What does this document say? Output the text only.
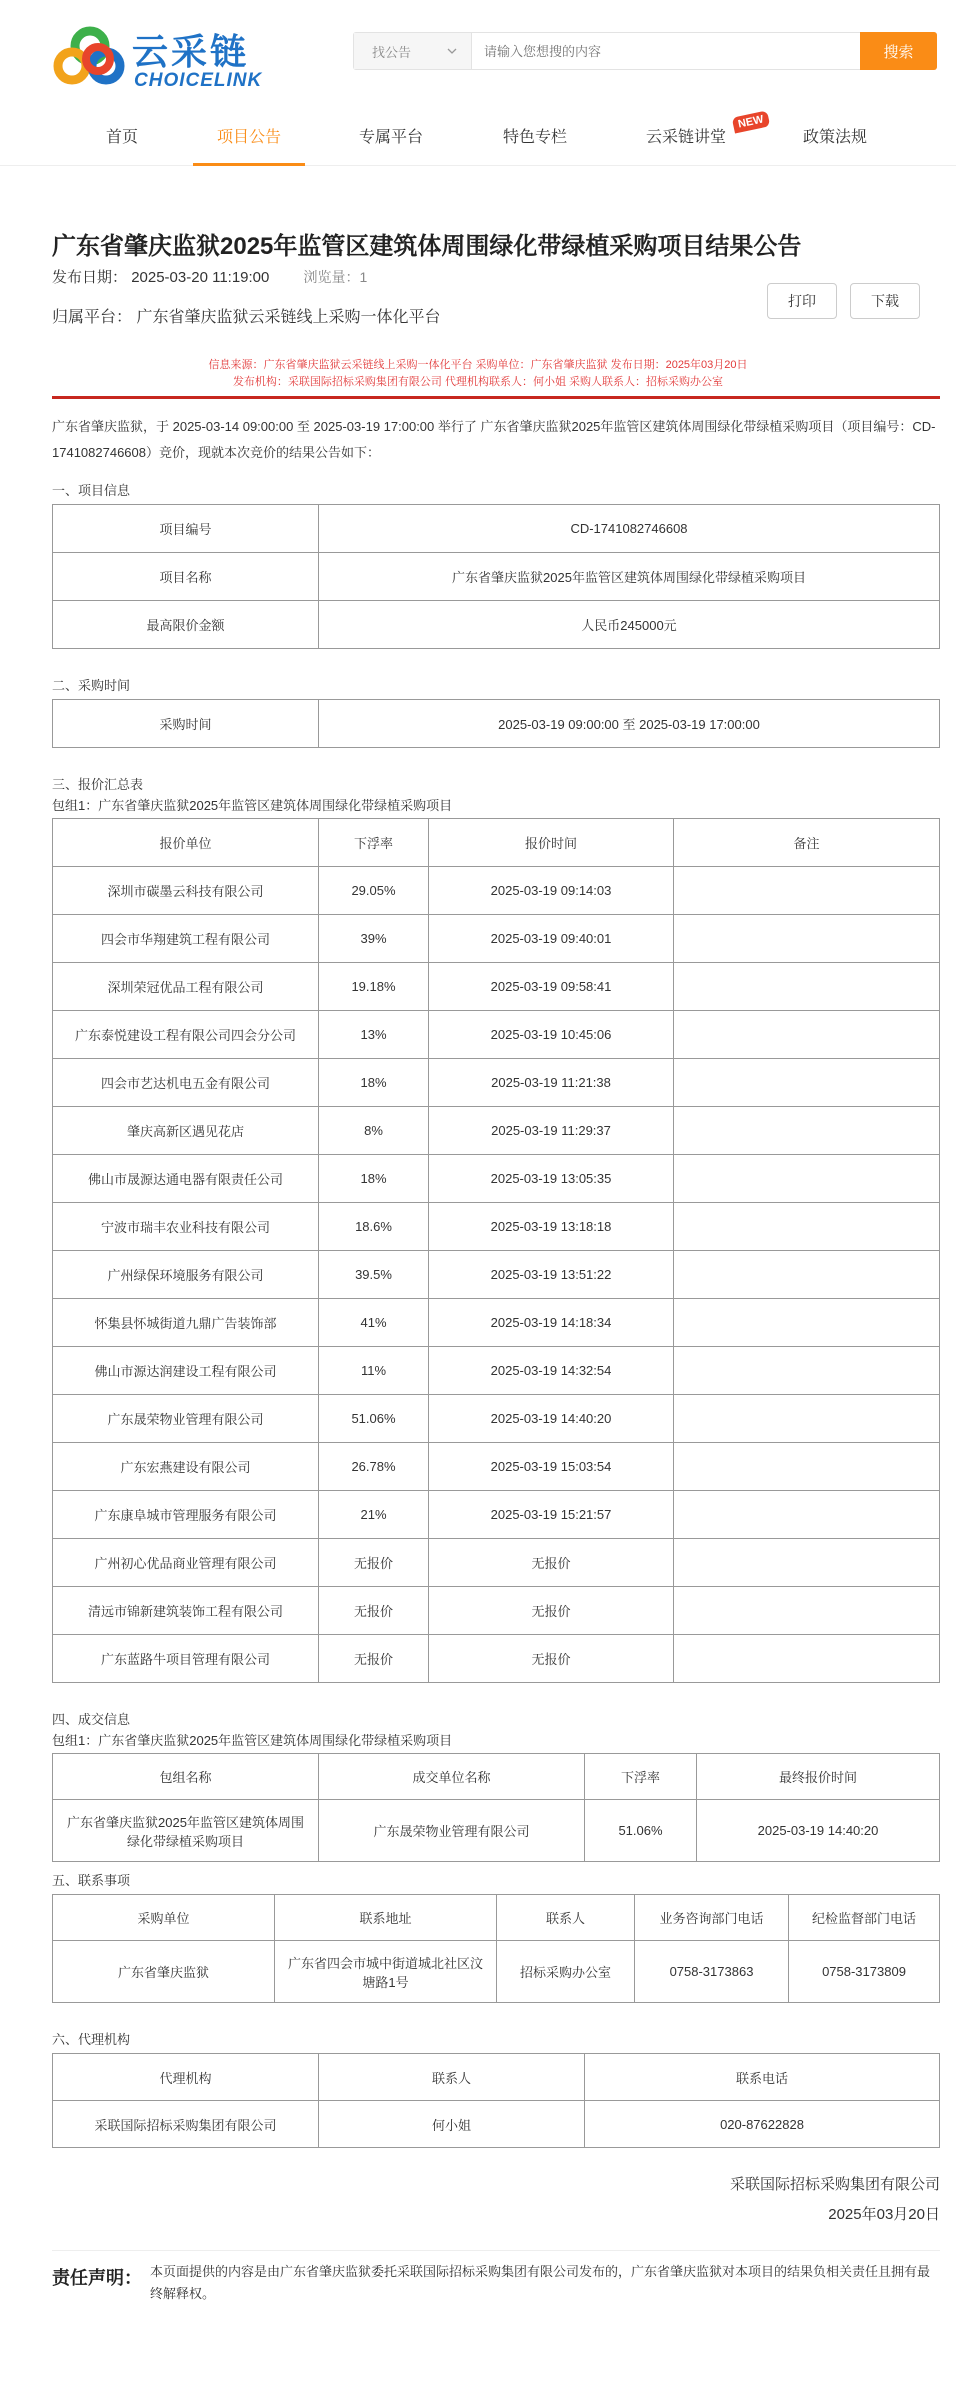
云采链
CHOICELINK
找公告
请输入您想搜的内容	搜索
首页	项目公告	专属平台	特色专栏	云采链讲堂
NEW
政策法规
广东省肇庆监狱2025年监管区建筑体周围绿化带绿植采购项目结果公告
发布日期： 2025-03-20 11:19:00 浏览量：1
归属平台： 广东省肇庆监狱云采链线上采购一体化平台
打印	下载
信息来源：广东省肇庆监狱云采链线上采购一体化平台 采购单位：广东省肇庆监狱 发布日期：2025年03月20日
发布机构：采联国际招标采购集团有限公司 代理机构联系人：何小姐 采购人联系人：招标采购办公室

广东省肇庆监狱，于 2025-03-14 09:00:00 至 2025-03-19 17:00:00 举行了 广东省肇庆监狱2025年监管区建筑体周围绿化带绿植采购项目（项目编号：CD-1741082746608）竞价，现就本次竞价的结果公告如下：

一、项目信息
项目编号	CD-1741082746608
项目名称	广东省肇庆监狱2025年监管区建筑体周围绿化带绿植采购项目
最高限价金额	人民币245000元
二、采购时间
采购时间	2025-03-19 09:00:00 至 2025-03-19 17:00:00
三、报价汇总表
包组1：广东省肇庆监狱2025年监管区建筑体周围绿化带绿植采购项目
报价单位	下浮率	报价时间	备注
深圳市碳墨云科技有限公司	29.05%	2025-03-19 09:14:03	
四会市华翔建筑工程有限公司	39%	2025-03-19 09:40:01	
深圳荣冠优品工程有限公司	19.18%	2025-03-19 09:58:41	
广东泰悦建设工程有限公司四会分公司	13%	2025-03-19 10:45:06	
四会市艺达机电五金有限公司	18%	2025-03-19 11:21:38	
肇庆高新区遇见花店	8%	2025-03-19 11:29:37	
佛山市晟源达通电器有限责任公司	18%	2025-03-19 13:05:35	
宁波市瑞丰农业科技有限公司	18.6%	2025-03-19 13:18:18	
广州绿保环境服务有限公司	39.5%	2025-03-19 13:51:22	
怀集县怀城街道九鼎广告装饰部	41%	2025-03-19 14:18:34	
佛山市源达润建设工程有限公司	11%	2025-03-19 14:32:54	
广东晟荣物业管理有限公司	51.06%	2025-03-19 14:40:20	
广东宏燕建设有限公司	26.78%	2025-03-19 15:03:54	
广东康阜城市管理服务有限公司	21%	2025-03-19 15:21:57	
广州初心优品商业管理有限公司	无报价	无报价	
清远市锦新建筑装饰工程有限公司	无报价	无报价	
广东蓝路牛项目管理有限公司	无报价	无报价	
四、成交信息
包组1：广东省肇庆监狱2025年监管区建筑体周围绿化带绿植采购项目
包组名称	成交单位名称	下浮率	最终报价时间
广东省肇庆监狱2025年监管区建筑体周围绿化带绿植采购项目	广东晟荣物业管理有限公司	51.06%	2025-03-19 14:40:20
五、联系事项
采购单位	联系地址	联系人	业务咨询部门电话	纪检监督部门电话
广东省肇庆监狱	广东省四会市城中街道城北社区汶塘路1号	招标采购办公室	0758-3173863	0758-3173809
六、代理机构
代理机构	联系人	联系电话
采联国际招标采购集团有限公司	何小姐	020-87622828
采联国际招标采购集团有限公司
2025年03月20日
责任声明： 本页面提供的内容是由广东省肇庆监狱委托采联国际招标采购集团有限公司发布的，广东省肇庆监狱对本项目的结果负相关责任且拥有最终解释权。
